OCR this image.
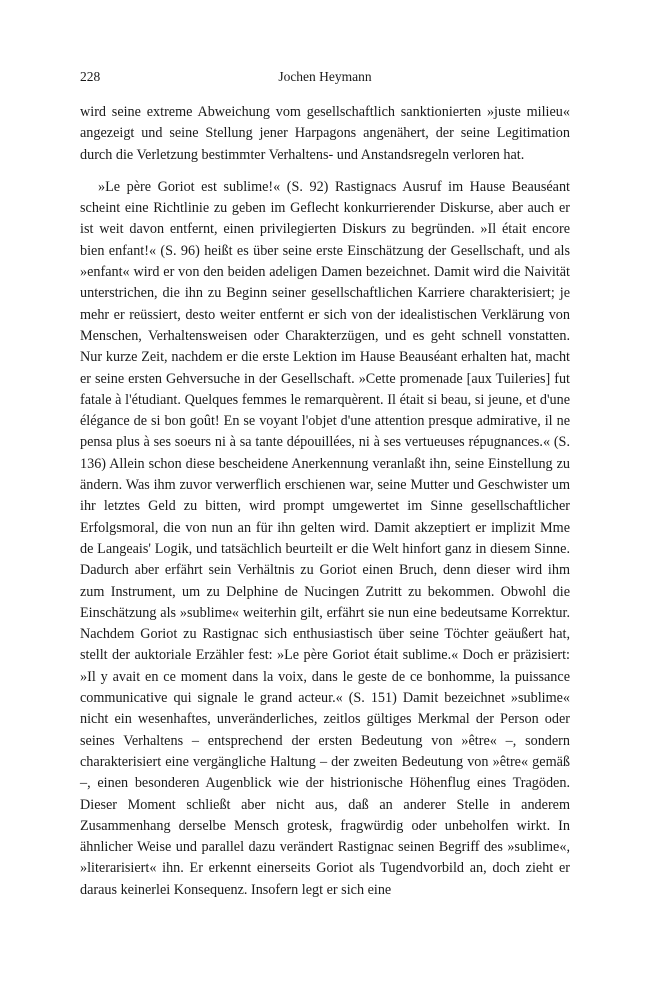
228	Jochen Heymann

wird seine extreme Abweichung vom gesellschaftlich sanktionierten »juste milieu« angezeigt und seine Stellung jener Harpagons angenähert, der seine Legitimation durch die Verletzung bestimmter Verhaltens- und Anstandsregeln verloren hat.

»Le père Goriot est sublime!« (S. 92) Rastignacs Ausruf im Hause Beauséant scheint eine Richtlinie zu geben im Geflecht konkurrierender Diskurse, aber auch er ist weit davon entfernt, einen privilegierten Diskurs zu begründen. »Il était encore bien enfant!« (S. 96) heißt es über seine erste Einschätzung der Gesellschaft, und als »enfant« wird er von den beiden adeligen Damen bezeichnet. Damit wird die Naivität unterstrichen, die ihn zu Beginn seiner gesellschaftlichen Karriere charakterisiert; je mehr er reüssiert, desto weiter entfernt er sich von der idealistischen Verklärung von Menschen, Verhaltensweisen oder Charakterzügen, und es geht schnell vonstatten. Nur kurze Zeit, nachdem er die erste Lektion im Hause Beauséant erhalten hat, macht er seine ersten Gehversuche in der Gesellschaft. »Cette promenade [aux Tuileries] fut fatale à l'étudiant. Quelques femmes le remarquèrent. Il était si beau, si jeune, et d'une élégance de si bon goût! En se voyant l'objet d'une attention presque admirative, il ne pensa plus à ses soeurs ni à sa tante dépouillées, ni à ses vertueuses répugnances.« (S. 136) Allein schon diese bescheidene Anerkennung veranlaßt ihn, seine Einstellung zu ändern. Was ihm zuvor verwerflich erschienen war, seine Mutter und Geschwister um ihr letztes Geld zu bitten, wird prompt umgewertet im Sinne gesellschaftlicher Erfolgsmoral, die von nun an für ihn gelten wird. Damit akzeptiert er implizit Mme de Langeais' Logik, und tatsächlich beurteilt er die Welt hinfort ganz in diesem Sinne. Dadurch aber erfährt sein Verhältnis zu Goriot einen Bruch, denn dieser wird ihm zum Instrument, um zu Delphine de Nucingen Zutritt zu bekommen. Obwohl die Einschätzung als »sublime« weiterhin gilt, erfährt sie nun eine bedeutsame Korrektur. Nachdem Goriot zu Rastignac sich enthusiastisch über seine Töchter geäußert hat, stellt der auktoriale Erzähler fest: »Le père Goriot était sublime.« Doch er präzisiert: »Il y avait en ce moment dans la voix, dans le geste de ce bonhomme, la puissance communicative qui signale le grand acteur.« (S. 151) Damit bezeichnet »sublime« nicht ein wesenhaftes, unveränderliches, zeitlos gültiges Merkmal der Person oder seines Verhaltens – entsprechend der ersten Bedeutung von »être« –, sondern charakterisiert eine vergängliche Haltung – der zweiten Bedeutung von »être« gemäß –, einen besonderen Augenblick wie der histrionische Höhenflug eines Tragöden. Dieser Moment schließt aber nicht aus, daß an anderer Stelle in anderem Zusammenhang derselbe Mensch grotesk, fragwürdig oder unbeholfen wirkt. In ähnlicher Weise und parallel dazu verändert Rastignac seinen Begriff des »sublime«, »literarisiert« ihn. Er erkennt einerseits Goriot als Tugendvorbild an, doch zieht er daraus keinerlei Konsequenz. Insofern legt er sich eine
